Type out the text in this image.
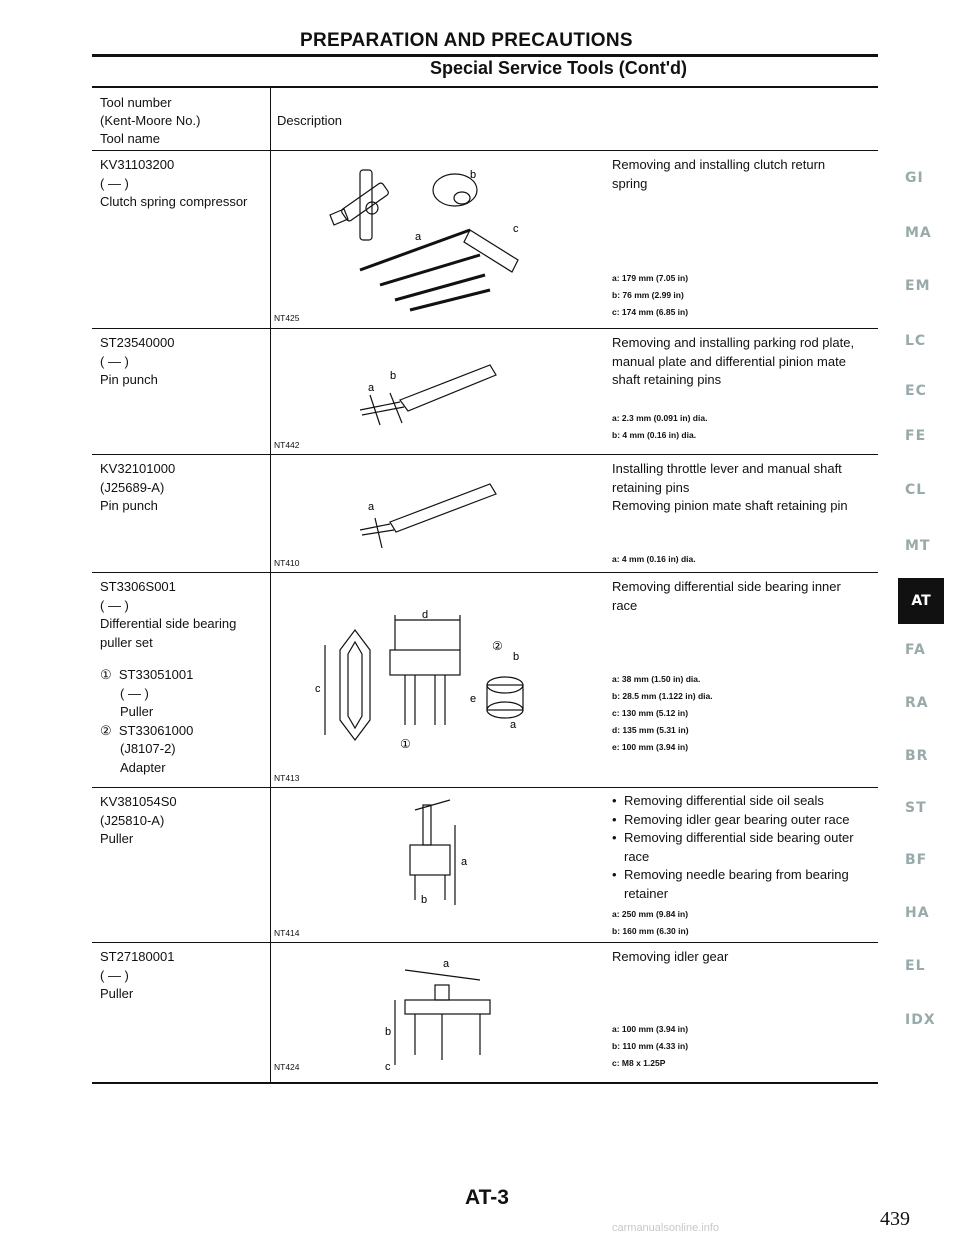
PREPARATION AND PRECAUTIONS
Special Service Tools (Cont'd)
Tool number
(Kent-Moore No.)
Tool name
Description
KV31103200
( — )
Clutch spring compressor
b
a
c
NT425
Removing and installing clutch return
spring
a: 179 mm (7.05 in)
b: 76 mm (2.99 in)
c: 174 mm (6.85 in)
ST23540000
( — )
Pin punch	b
a
NT442
Removing and installing parking rod plate,
manual plate and differential pinion mate
shaft retaining pins
a: 2.3 mm (0.091 in) dia.
b: 4 mm (0.16 in) dia.
KV32101000
(J25689-A)
Pin punch	a
NT410
Installing throttle lever and manual shaft
retaining pins
Removing pinion mate shaft retaining pin
a: 4 mm (0.16 in) dia.
ST3306S001
( — )
Differential side bearing
puller set
① ST33051001
( — )
Puller
② ST33061000
(J8107-2)
Adapter
d
c
e
b
a
②
①
NT413
Removing differential side bearing inner
race
a: 38 mm (1.50 in) dia.
b: 28.5 mm (1.122 in) dia.
c: 130 mm (5.12 in)
d: 135 mm (5.31 in)
e: 100 mm (3.94 in)
KV381054S0
(J25810-A)
Puller
a
b
NT414
• Removing differential side oil seals
• Removing idler gear bearing outer race
• Removing differential side bearing outer
race
• Removing needle bearing from bearing
retainer
a: 250 mm (9.84 in)
b: 160 mm (6.30 in)
ST27180001
( — )
Puller
a
b
c
NT424
Removing idler gear
a: 100 mm (3.94 in)
b: 110 mm (4.33 in)
c: M8 x 1.25P
GI
MA
EM
LC
EC
FE
CL
MT
AT
FA
RA
BR
ST
BF
HA
EL
IDX
AT-3
439
carmanualsonline.info
